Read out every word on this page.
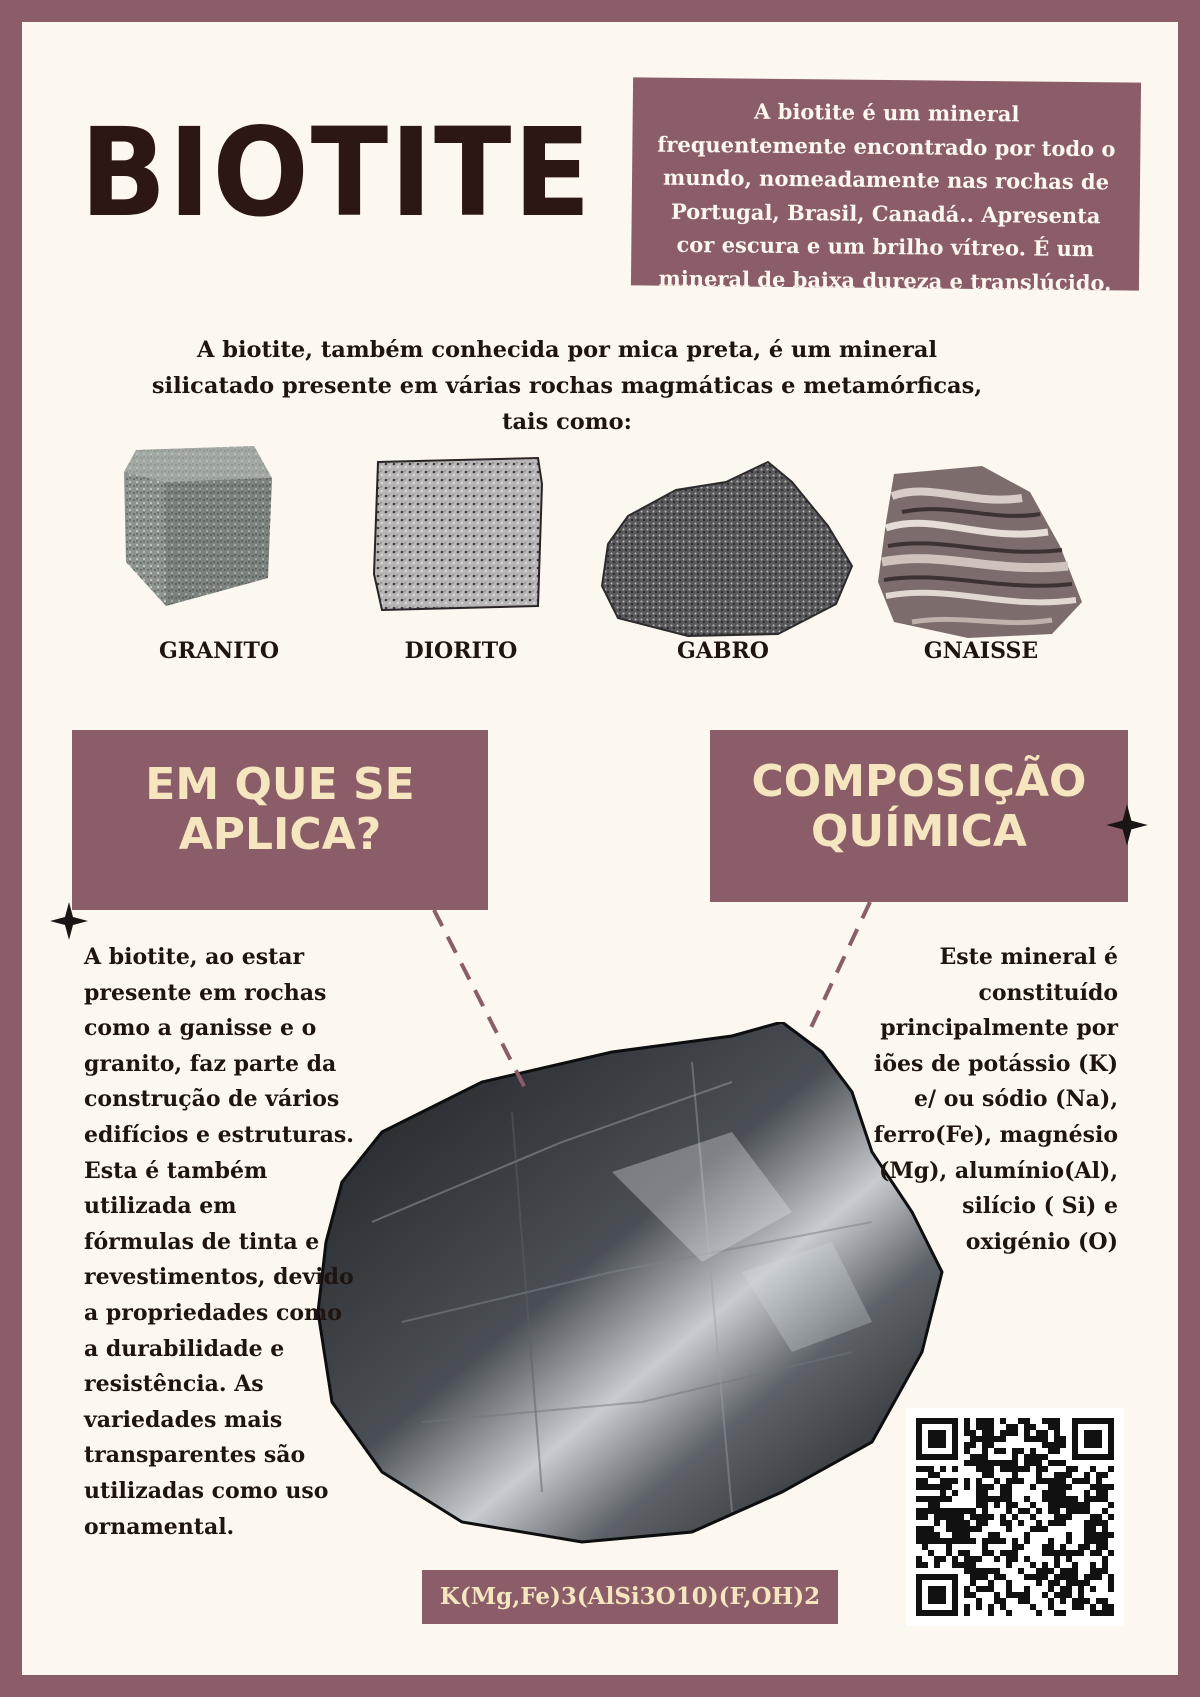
BIOTITE	A biotite é um mineral frequentemente encontrado por todo o mundo, nomeadamente nas rochas de Portugal, Brasil, Canadá.. Apresenta cor escura e um brilho vítreo. É um mineral de baixa dureza e translúcido.

A biotite, também conhecida por mica preta, é um mineral silicatado presente em várias rochas magmáticas e metamórficas, tais como:

GRANITO	DIORITO	GABRO	GNAISSE
EM QUE SE
APLICA?
COMPOSIÇÃO
QUÍMICA

A biotite, ao estar presente em rochas como a ganisse e o granito, faz parte da construção de vários edifícios e estruturas. Esta é também utilizada em fórmulas de tinta e revestimentos, devido a propriedades como a durabilidade e resistência. As variedades mais transparentes são utilizadas como uso ornamental.

Este mineral é constituído principalmente por iões de potássio (K) e/ ou sódio (Na), ferro(Fe), magnésio (Mg), alumínio(Al), silício ( Si) e oxigénio (O)

K(Mg,Fe)3(AlSi3O10)(F,OH)2
